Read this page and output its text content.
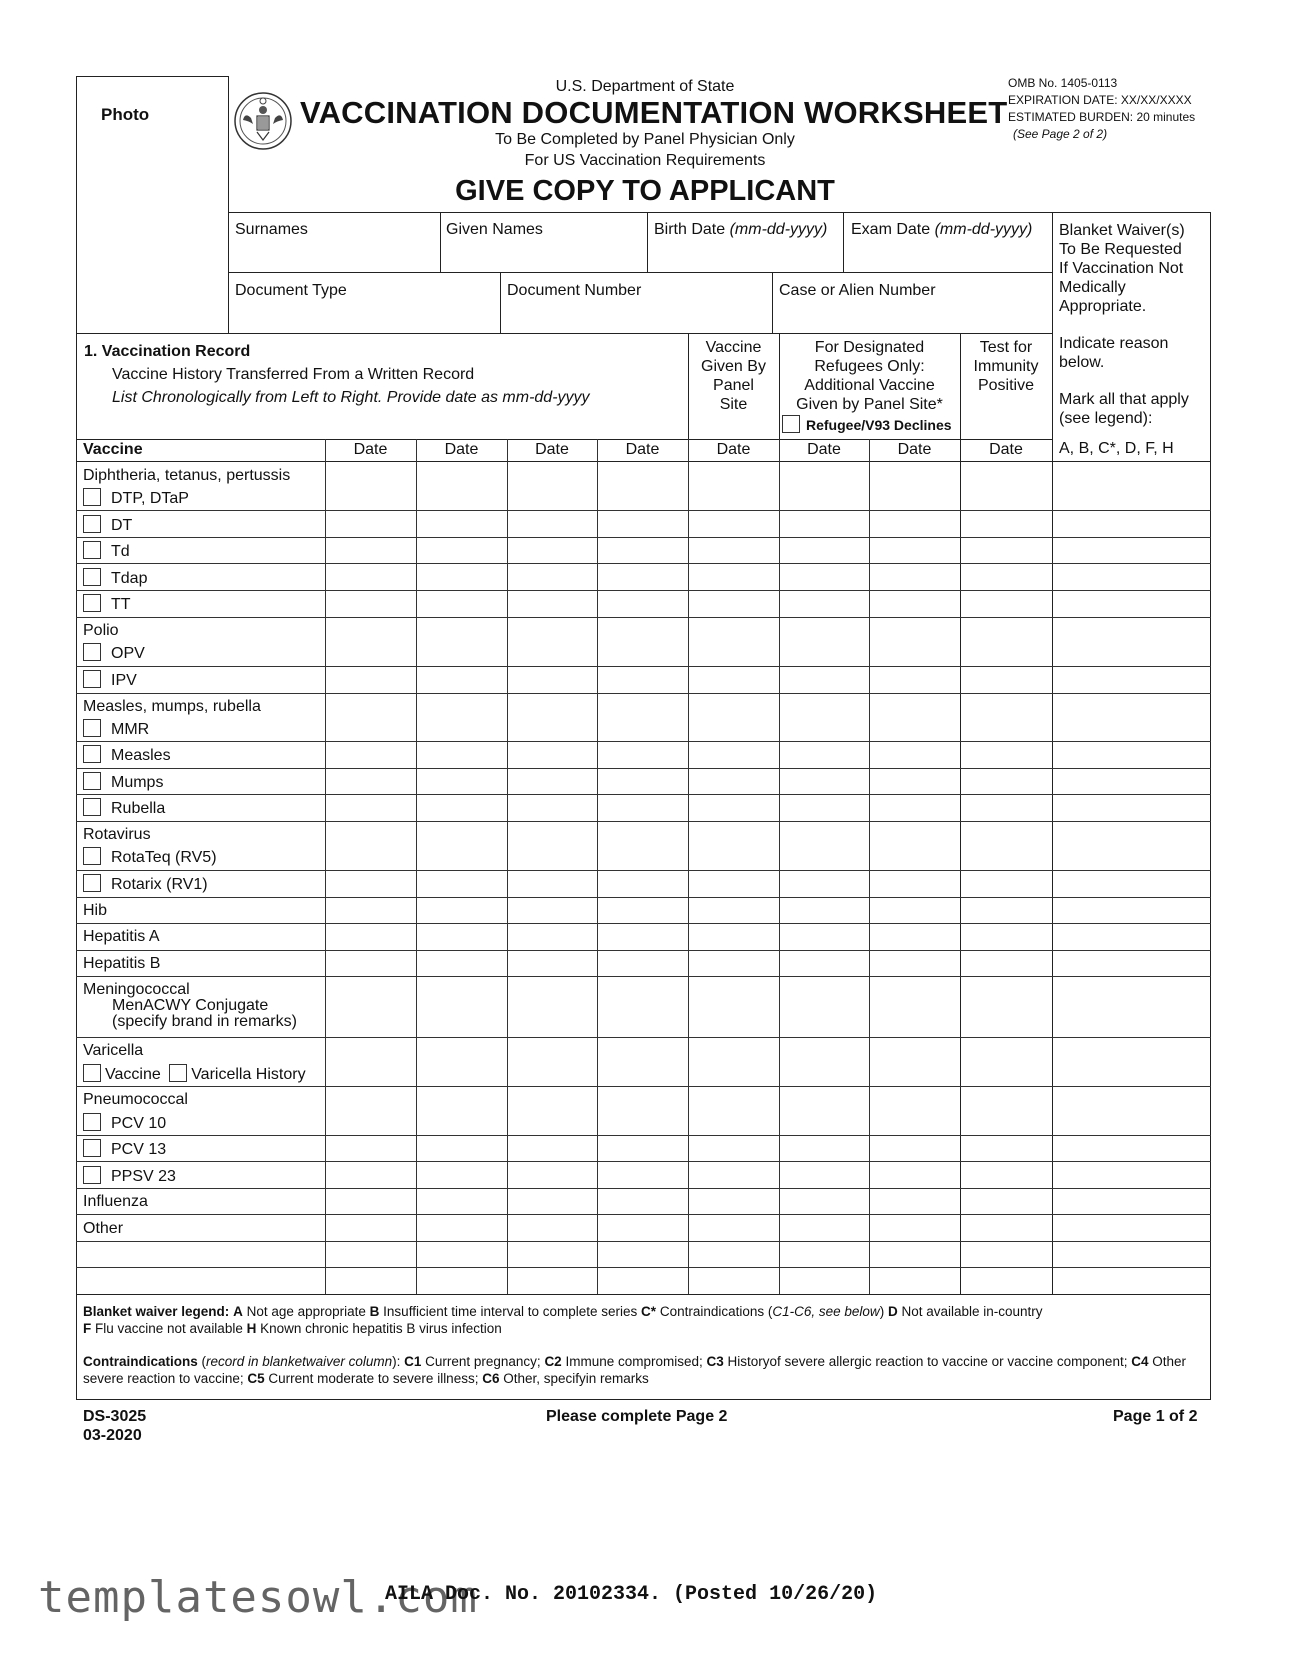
Photo
U.S. Department of State
VACCINATION DOCUMENTATION WORKSHEET
To Be Completed by Panel Physician Only
For US Vaccination Requirements
GIVE COPY TO APPLICANT
OMB No. 1405-0113
EXPIRATION DATE: XX/XX/XXXX
ESTIMATED BURDEN: 20 minutes
(See Page 2 of 2)
Surnames	Given Names	Birth Date (mm-dd-yyyy) Exam Date (mm-dd-yyyy)
Document Type	Document Number	Case or Alien Number
Blanket Waiver(s)
To Be Requested
If Vaccination Not
Medically
Appropriate.
Indicate reason
below.
Mark all that apply
(see legend):
1. Vaccination Record
Vaccine History Transferred From a Written Record
List Chronologically from Left to Right. Provide date as mm-dd-yyyy
Vaccine
Given By
Panel
Site
For Designated
Refugees Only:
Additional Vaccine
Given by Panel Site*
Refugee/V93 Declines
Test for
Immunity
Positive
Vaccine	Date	Date	Date	Date	Date	Date	Date	Date	A, B, C*, D, F, H
Diphtheria, tetanus, pertussis
DTP, DTaP
DT
Td
Tdap
TT
Polio
OPV
IPV
Measles, mumps, rubella
MMR
Measles
Mumps
Rubella
Rotavirus
RotaTeq (RV5)
Rotarix (RV1)
Hib
Hepatitis A
Hepatitis B
Meningococcal
MenACWY Conjugate
(specify brand in remarks)
Varicella
Vaccine Varicella History
Pneumococcal
PCV 10
PCV 13
PPSV 23
Influenza
Other
Blanket waiver legend: A Not age appropriate B Insufficient time interval to complete series C* Contraindications (C1-C6, see below) D Not available in-country
F Flu vaccine not available H Known chronic hepatitis B virus infection
Contraindications (record in blanketwaiver column): C1 Current pregnancy; C2 Immune compromised; C3 Historyof severe allergic reaction to vaccine or vaccine component; C4 Other severe reaction to vaccine; C5 Current moderate to severe illness; C6 Other, specifyin remarks
DS-3025
03-2020
Please complete Page 2	Page 1 of 2
templatesowl.com
AILA Doc. No. 20102334. (Posted 10/26/20)
